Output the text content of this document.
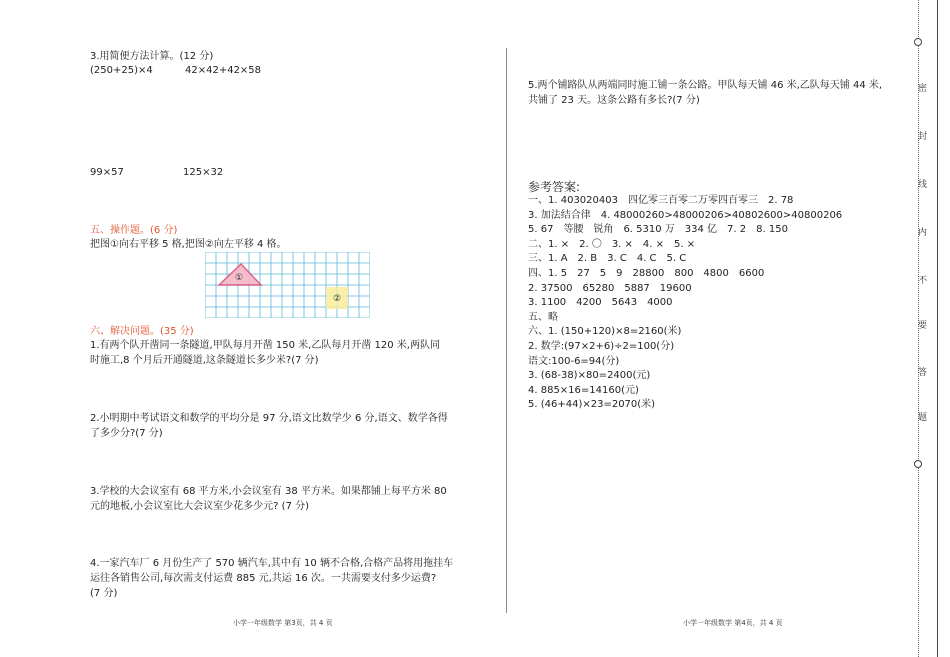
3.用简便方法计算。(12 分)
(250+25)×4	42×42+42×58
99×57	125×32
五、操作题。(6 分)
把图①向右平移 5 格,把图②向左平移 4 格。
①
②
六、解决问题。(35 分)
1.有两个队开凿同一条隧道,甲队每月开凿 150 米,乙队每月开凿 120 米,两队同
时施工,8 个月后开通隧道,这条隧道长多少米?(7 分)
2.小明期中考试语文和数学的平均分是 97 分,语文比数学少 6 分,语文、数学各得
了多少分?(7 分)
3.学校的大会议室有 68 平方米,小会议室有 38 平方米。如果都铺上每平方米 80
元的地板,小会议室比大会议室少花多少元? (7 分)
4.一家汽车厂 6 月份生产了 570 辆汽车,其中有 10 辆不合格,合格产品将用拖挂车
运往各销售公司,每次需支付运费 885 元,共运 16 次。一共需要支付多少运费?
(7 分)
小学一年级数学 第3页，共 4 页
5.两个铺路队从两端同时施工铺一条公路。甲队每天铺 46 米,乙队每天铺 44 米,
共铺了 23 天。这条公路有多长?(7 分)
参考答案:
一、1. 403020403　四亿零三百零二万零四百零三　2. 78
3. 加法结合律　4. 48000260>48000206>40802600>40800206
5. 67　等腰　锐角　6. 5310 万　334 亿　7. 2　8. 150
二、1. ×　2. 〇　3. ×　4. ×　5. ×
三、1. A　2. B　3. C　4. C　5. C
四、1. 5　27　5　9　28800　800　4800　6600
2. 37500　65280　5887　19600
3. 1100　4200　5643　4000
五、略
六、1. (150+120)×8=2160(米)
2. 数学:(97×2+6)÷2=100(分)
语文:100-6=94(分)
3. (68-38)×80=2400(元)
4. 885×16=14160(元)
5. (46+44)×23=2070(米)
小学一年级数学 第4页，共 4 页
密
封
线
内
不
要
答
题
